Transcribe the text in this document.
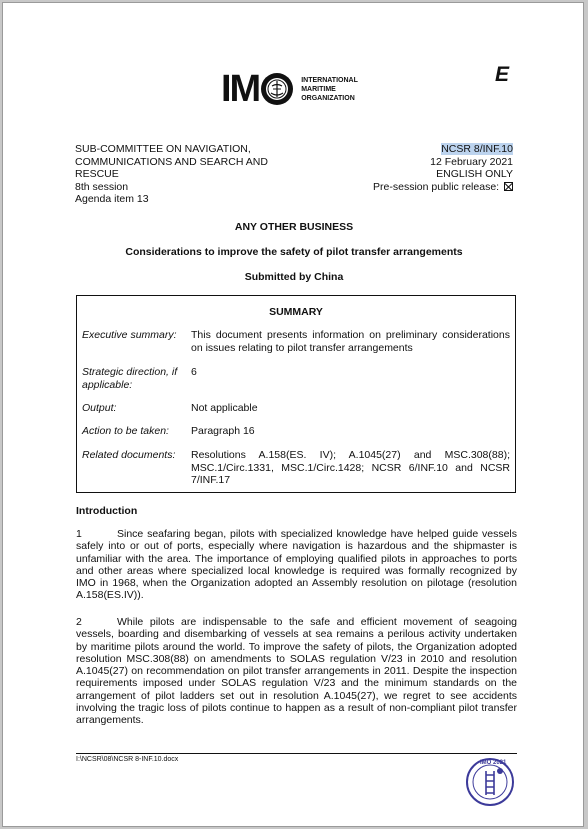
IM	INTERNATIONAL
MARITIME
ORGANIZATION
E
SUB-COMMITTEE ON NAVIGATION,
COMMUNICATIONS AND SEARCH AND
RESCUE
8th session
Agenda item 13
NCSR 8/INF.10
12 February 2021
ENGLISH ONLY
Pre-session public release:
ANY OTHER BUSINESS
Considerations to improve the safety of pilot transfer arrangements
Submitted by China
SUMMARY
Executive summary:	This document presents information on preliminary considerations on issues relating to pilot transfer arrangements
Strategic direction, if applicable:
6
Output:	Not applicable
Action to be taken:	Paragraph 16
Related documents:	Resolutions A.158(ES. IV); A.1045(27) and MSC.308(88); MSC.1/Circ.1331, MSC.1/Circ.1428; NCSR 6/INF.10 and NCSR 7/INF.17
Introduction
1	Since seafaring began, pilots with specialized knowledge have helped guide vessels safely into or out of ports, especially where navigation is hazardous and the shipmaster is unfamiliar with the area. The importance of employing qualified pilots in approaches to ports and other areas where specialized local knowledge is required was formally recognized by IMO in 1968, when the Organization adopted an Assembly resolution on pilotage (resolution A.158(ES.IV)).
2	While pilots are indispensable to the safe and efficient movement of seagoing vessels, boarding and disembarking of vessels at sea remains a perilous activity undertaken by maritime pilots around the world. To improve the safety of pilots, the Organization adopted resolution MSC.308(88) on amendments to SOLAS regulation V/23 in 2010 and resolution A.1045(27) on recommendation on pilot transfer arrangements in 2011. Despite the inspection requirements imposed under SOLAS regulation V/23 and the minimum standards on the arrangement of pilot ladders set out in resolution A.1045(27), we regret to see accidents involving the tragic loss of pilots continue to happen as a result of non-compliant pilot transfer arrangements.
I:\NCSR\08\NCSR 8-INF.10.docx	IMO 2021
